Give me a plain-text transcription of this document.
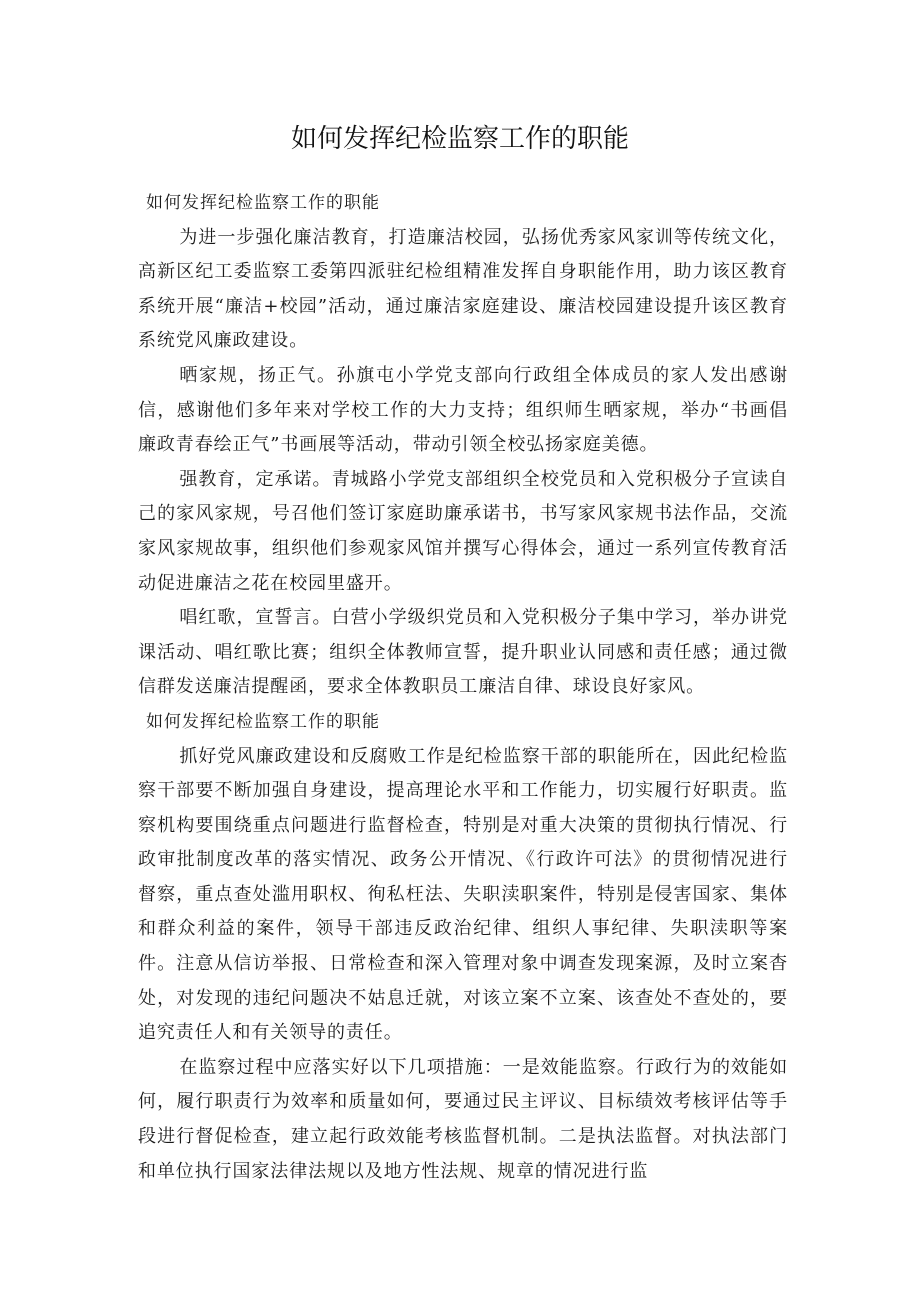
如何发挥纪检监察工作的职能

如何发挥纪检监察工作的职能

为进一步强化廉洁教育，打造廉洁校园，弘扬优秀家风家训等传统文化，高新区纪工委监察工委第四派驻纪检组精准发挥自身职能作用，助力该区教育系统开展“廉洁+校园”活动，通过廉洁家庭建设、廉洁校园建设提升该区教育系统党风廉政建设。

晒家规，扬正气。孙旗屯小学党支部向行政组全体成员的家人发出感谢信，感谢他们多年来对学校工作的大力支持；组织师生晒家规，举办“书画倡廉政青春绘正气”书画展等活动，带动引领全校弘扬家庭美德。

强教育，定承诺。青城路小学党支部组织全校党员和入党积极分子宣读自己的家风家规，号召他们签订家庭助廉承诺书，书写家风家规书法作品，交流家风家规故事，组织他们参观家风馆并撰写心得体会，通过一系列宣传教育活动促进廉洁之花在校园里盛开。

唱红歌，宣誓言。白营小学级织党员和入党积极分子集中学习，举办讲党课活动、唱红歌比赛；组织全体教师宣誓，提升职业认同感和责任感；通过微信群发送廉洁提醒函，要求全体教职员工廉洁自律、球设良好家风。

如何发挥纪检监察工作的职能

抓好党风廉政建设和反腐败工作是纪检监察干部的职能所在，因此纪检监察干部要不断加强自身建设，提高理论水平和工作能力，切实履行好职责。监察机构要围绕重点问题进行监督检查，特别是对重大决策的贯彻执行情况、行政审批制度改革的落实情况、政务公开情况、《行政许可法》的贯彻情况进行督察，重点查处滥用职权、徇私枉法、失职渎职案件，特别是侵害国家、集体和群众利益的案件，领导干部违反政治纪律、组织人事纪律、失职渎职等案件。注意从信访举报、日常检查和深入管理对象中调查发现案源，及时立案杳处，对发现的违纪问题决不姑息迁就，对该立案不立案、该查处不查处的，要追究责任人和有关领导的责任。

在监察过程中应落实好以下几项措施：一是效能监察。行政行为的效能如何，履行职责行为效率和质量如何，要通过民主评议、目标绩效考核评估等手段进行督促检查，建立起行政效能考核监督机制。二是执法监督。对执法部门和单位执行国家法律法规以及地方性法规、规章的情况进行监
